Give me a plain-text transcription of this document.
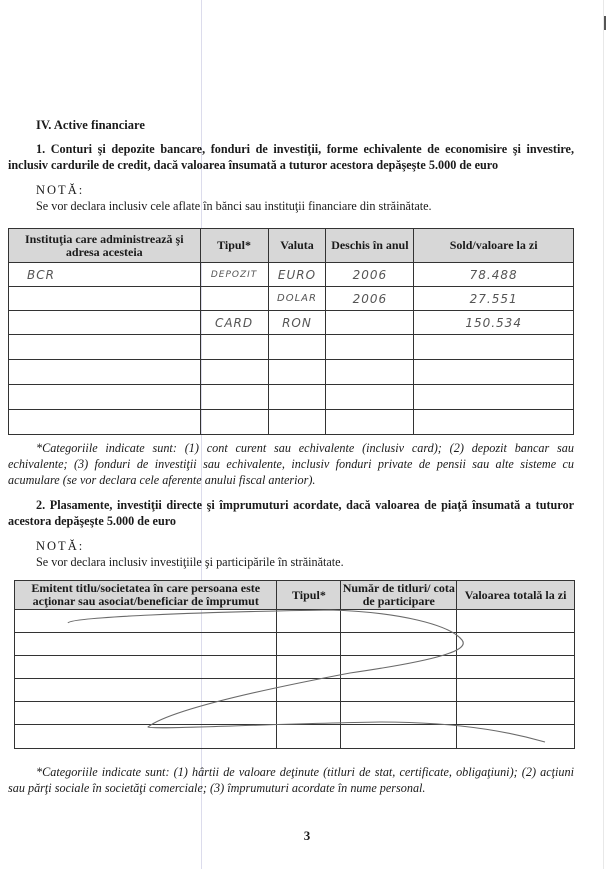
IV. Active financiare
1. Conturi şi depozite bancare, fonduri de investiţii, forme echivalente de economisire şi investire, inclusiv cardurile de credit, dacă valoarea însumată a tuturor acestora depăşeşte 5.000 de euro
NOTĂ:
Se vor declara inclusiv cele aflate în bănci sau instituţii financiare din străinătate.
Instituţia care administrează şi adresa acesteia	Tipul*	Valuta	Deschis în anul	Sold/valoare la zi
BCR	DEPOZIT	EURO	2006	78.488
		DOLAR	2006	27.551
	CARD	RON		150.534

*Categoriile indicate sunt: (1) cont curent sau echivalente (inclusiv card); (2) depozit bancar sau echivalente; (3) fonduri de investiţii sau echivalente, inclusiv fonduri private de pensii sau alte sisteme cu acumulare (se vor declara cele aferente anului fiscal anterior).
2. Plasamente, investiţii directe şi împrumuturi acordate, dacă valoarea de piaţă însumată a tuturor acestora depăşeşte 5.000 de euro
NOTĂ:
Se vor declara inclusiv investiţiile şi participările în străinătate.
Emitent titlu/societatea în care persoana este acţionar sau asociat/beneficiar de împrumut	Tipul*	Număr de titluri/ cota de participare	Valoarea totală la zi

*Categoriile indicate sunt: (1) hârtii de valoare deţinute (titluri de stat, certificate, obligaţiuni); (2) acţiuni sau părţi sociale în societăţi comerciale; (3) împrumuturi acordate în nume personal.
3
